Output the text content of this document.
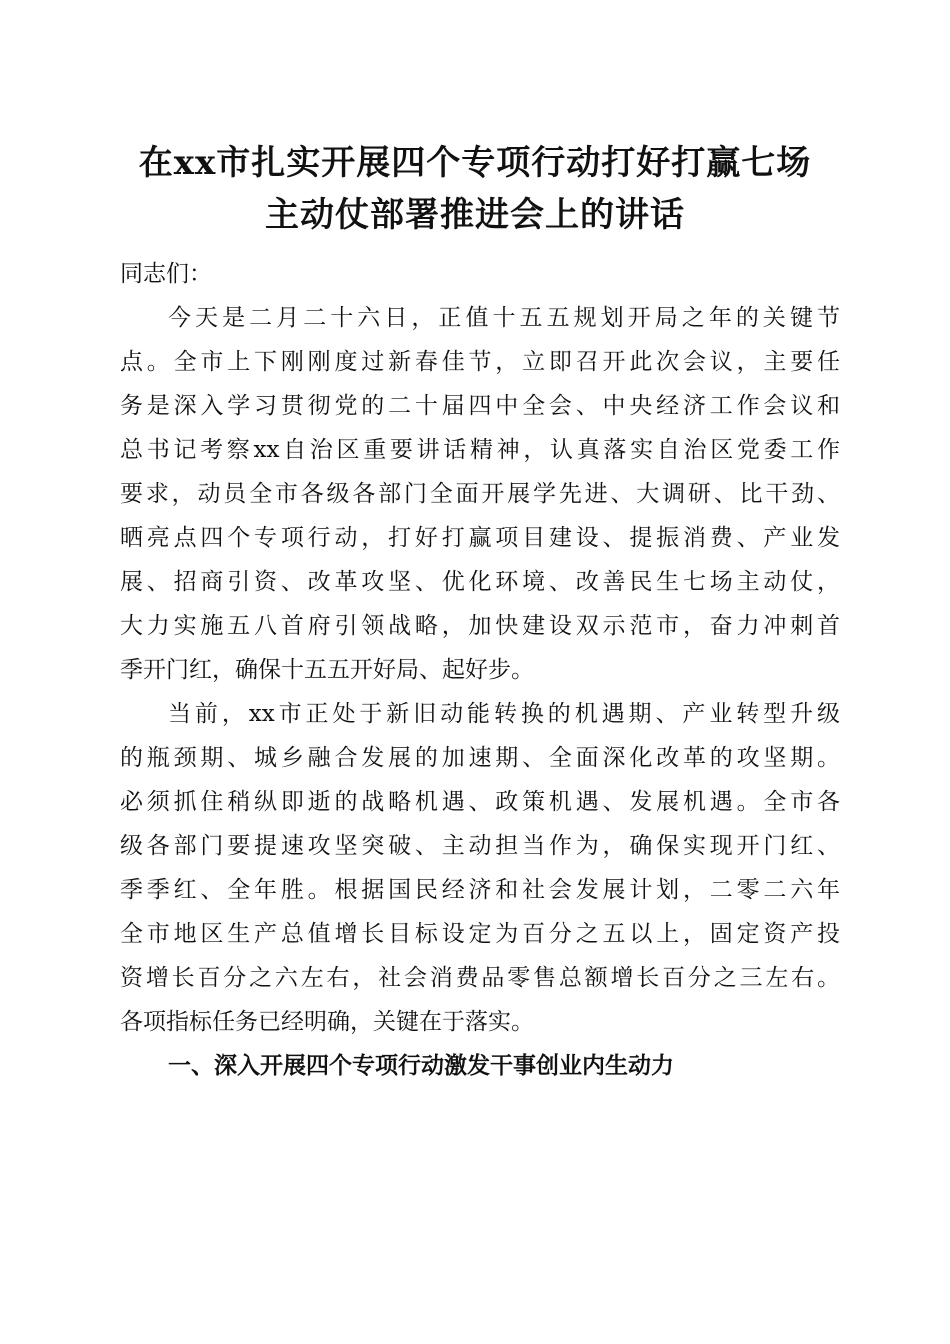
在xx市扎实开展四个专项行动打好打赢七场
主动仗部署推进会上的讲话
同志们：
今天是二月二十六日，正值十五五规划开局之年的关键节
点。全市上下刚刚度过新春佳节，立即召开此次会议，主要任
务是深入学习贯彻党的二十届四中全会、中央经济工作会议和
总书记考察xx自治区重要讲话精神，认真落实自治区党委工作
要求，动员全市各级各部门全面开展学先进、大调研、比干劲、
晒亮点四个专项行动，打好打赢项目建设、提振消费、产业发
展、招商引资、改革攻坚、优化环境、改善民生七场主动仗，
大力实施五八首府引领战略，加快建设双示范市，奋力冲刺首
季开门红，确保十五五开好局、起好步。
当前，xx市正处于新旧动能转换的机遇期、产业转型升级
的瓶颈期、城乡融合发展的加速期、全面深化改革的攻坚期。
必须抓住稍纵即逝的战略机遇、政策机遇、发展机遇。全市各
级各部门要提速攻坚突破、主动担当作为，确保实现开门红、
季季红、全年胜。根据国民经济和社会发展计划，二零二六年
全市地区生产总值增长目标设定为百分之五以上，固定资产投
资增长百分之六左右，社会消费品零售总额增长百分之三左右。
各项指标任务已经明确，关键在于落实。
一、深入开展四个专项行动激发干事创业内生动力
